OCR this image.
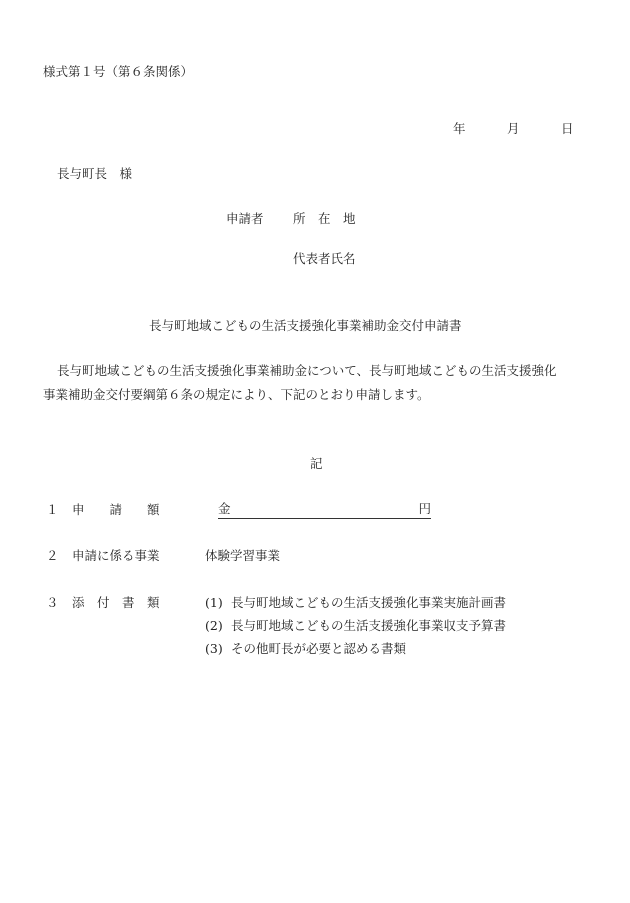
様式第１号（第６条関係）
年	月	日
長与町長　様
申請者 所　在　地
代表者氏名
長与町地域こどもの生活支援強化事業補助金交付申請書
長与町地域こどもの生活支援強化事業補助金について、長与町地域こどもの生活支援強化
事業補助金交付要綱第６条の規定により、下記のとおり申請します。
記
１ 申　　請　　額	金	円
２ 申請に係る事業	体験学習事業
３ 添　付　書　類	(1) 長与町地域こどもの生活支援強化事業実施計画書
(2) 長与町地域こどもの生活支援強化事業収支予算書
(3) その他町長が必要と認める書類
